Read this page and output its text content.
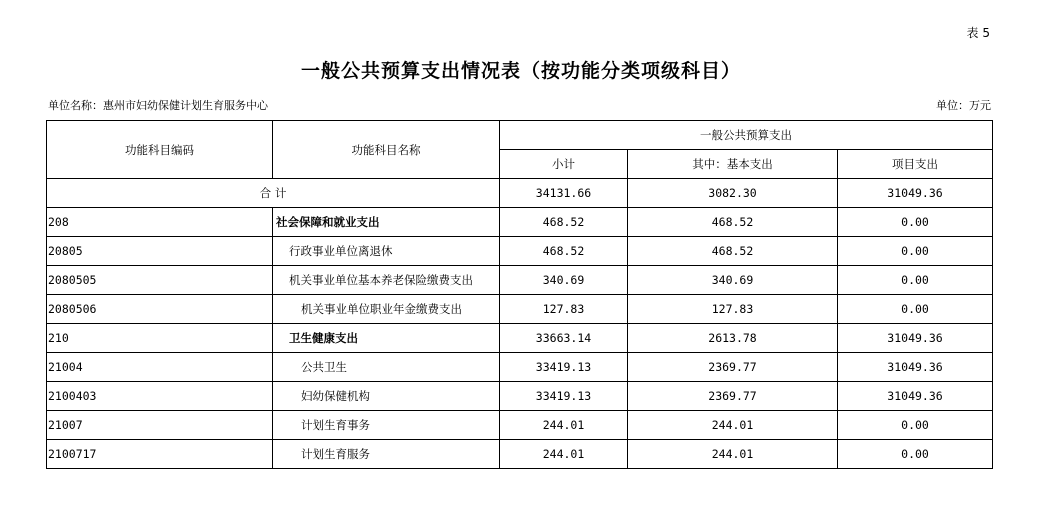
表 5
一般公共预算支出情况表（按功能分类项级科目）
单位名称：惠州市妇幼保健计划生育服务中心	单位：万元
功能科目编码	功能科目名称	一般公共预算支出		
		小计	其中：基本支出	项目支出
合 计		34131.66	3082.30	31049.36
208	社会保障和就业支出	468.52	468.52	0.00
20805	行政事业单位离退休	468.52	468.52	0.00
2080505	机关事业单位基本养老保险缴费支出	340.69	340.69	0.00
2080506	机关事业单位职业年金缴费支出	127.83	127.83	0.00
210	卫生健康支出	33663.14	2613.78	31049.36
21004	公共卫生	33419.13	2369.77	31049.36
2100403	妇幼保健机构	33419.13	2369.77	31049.36
21007	计划生育事务	244.01	244.01	0.00
2100717	计划生育服务	244.01	244.01	0.00
